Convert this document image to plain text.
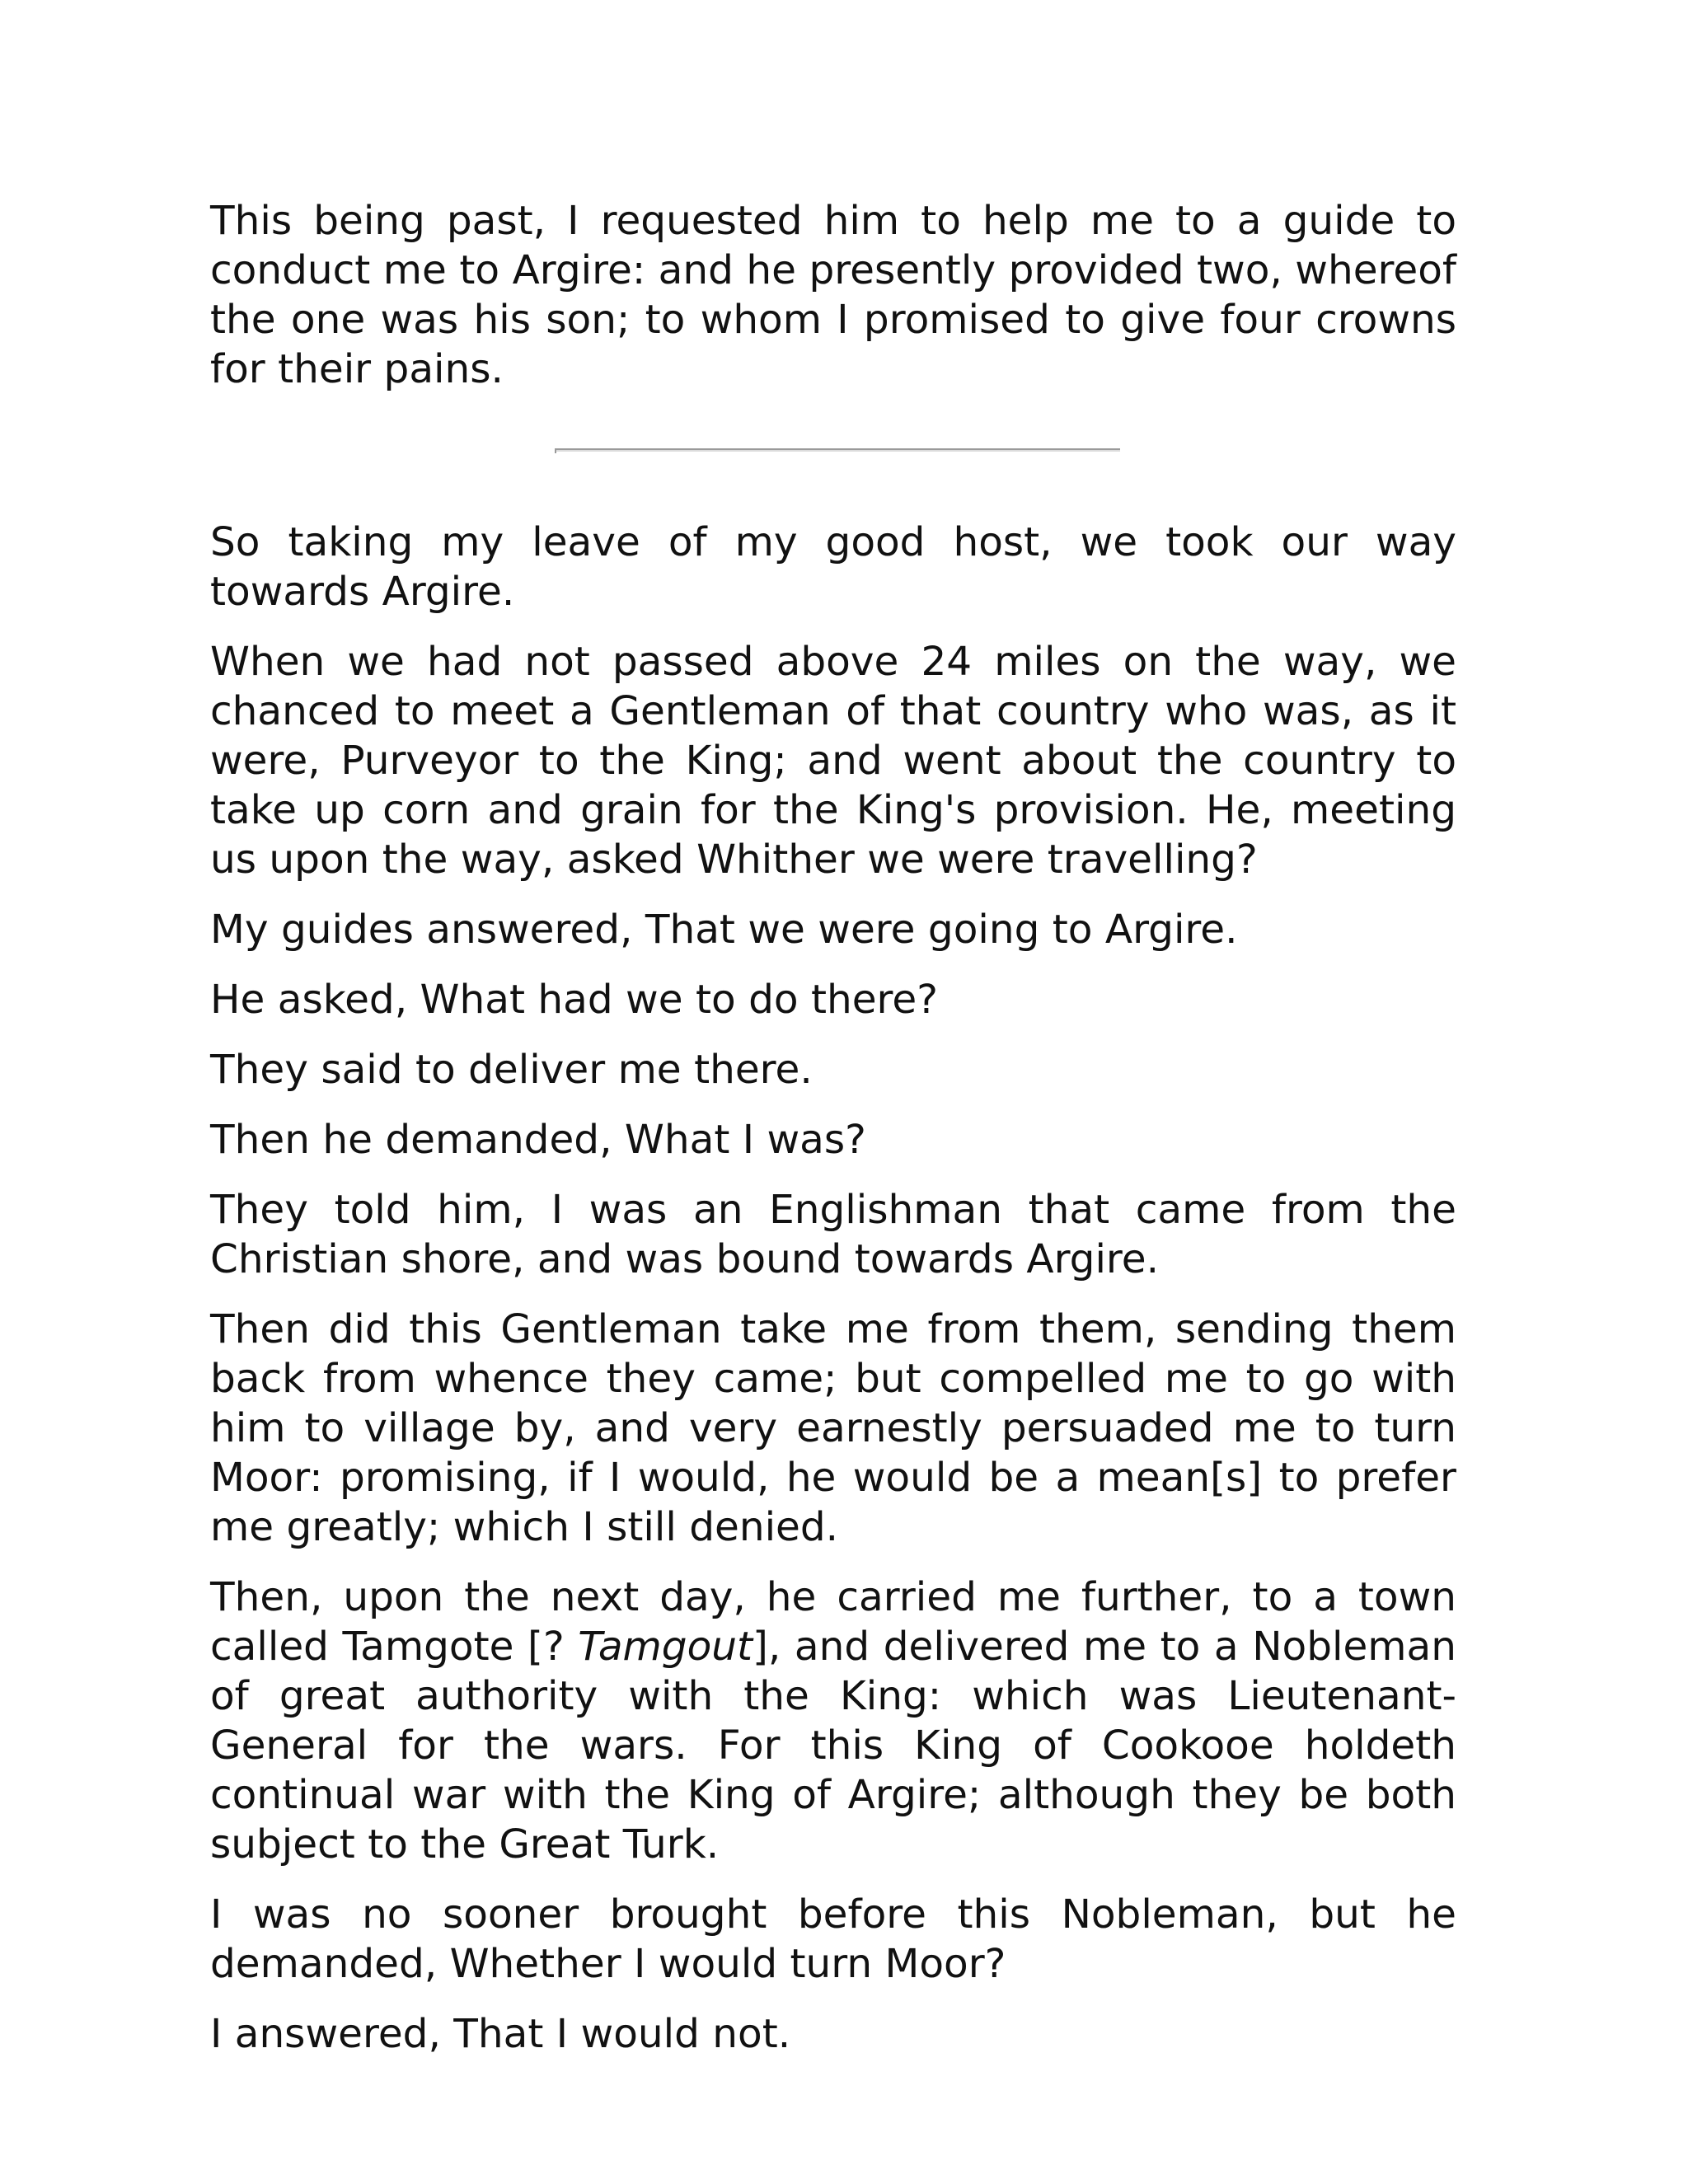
This being past, I requested him to help me to a guide to conduct me to Argire: and he presently provided two, whereof the one was his son; to whom I promised to give four crowns for their pains.

So taking my leave of my good host, we took our way towards Argire.

When we had not passed above 24 miles on the way, we chanced to meet a Gentleman of that country who was, as it were, Purveyor to the King; and went about the country to take up corn and grain for the King's provision. He, meeting us upon the way, asked Whither we were travelling?

My guides answered, That we were going to Argire.

He asked, What had we to do there?

They said to deliver me there.

Then he demanded, What I was?

They told him, I was an Englishman that came from the Christian shore, and was bound towards Argire.

Then did this Gentleman take me from them, sending them back from whence they came; but compelled me to go with him to village by, and very earnestly persuaded me to turn Moor: promising, if I would, he would be a mean[s] to prefer me greatly; which I still denied.

Then, upon the next day, he carried me further, to a town called Tamgote [? Tamgout], and delivered me to a Nobleman of great authority with the King: which was Lieutenant-General for the wars. For this King of Cookooe holdeth continual war with the King of Argire; although they be both subject to the Great Turk.

I was no sooner brought before this Nobleman, but he demanded, Whether I would turn Moor?

I answered, That I would not.
